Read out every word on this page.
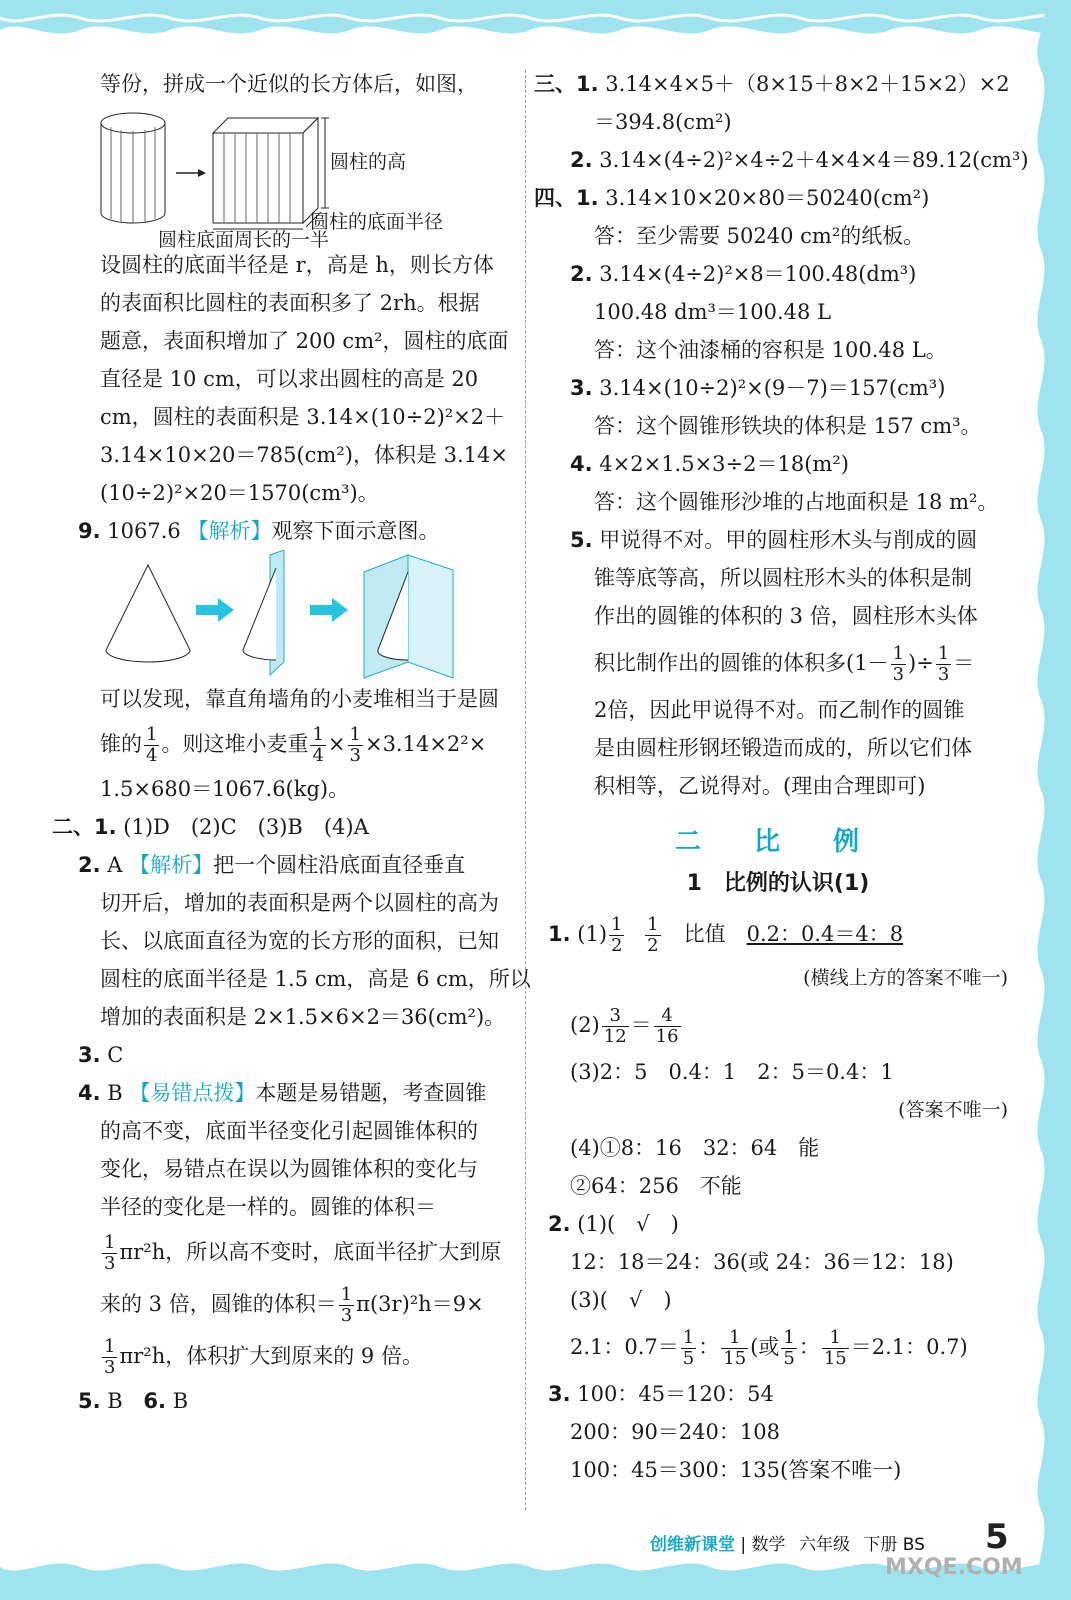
等份，拼成一个近似的长方体后，如图，
圆柱的高
圆柱的底面半径
圆柱底面周长的一半
设圆柱的底面半径是 r，高是 h，则长方体
的表面积比圆柱的表面积多了 2rh。根据
题意，表面积增加了 200 cm²，圆柱的底面
直径是 10 cm，可以求出圆柱的高是 20
cm，圆柱的表面积是 3.14×(10÷2)²×2＋
3.14×10×20＝785(cm²)，体积是 3.14×
(10÷2)²×20＝1570(cm³)。
9. 1067.6 【解析】观察下面示意图。
可以发现，靠直角墙角的小麦堆相当于是圆
锥的 $\frac{1}{4}$ 。则这堆小麦重 $\frac{1}{4} \times \frac{1}{3} \times 3.14\times 2^2\times$
1.5×680＝1067.6(kg)。
二、1. (1)D　(2)C　(3)B　(4)A
2. A 【解析】把一个圆柱沿底面直径垂直
切开后，增加的表面积是两个以圆柱的高为
长、以底面直径为宽的长方形的面积，已知
圆柱的底面半径是 1.5 cm，高是 6 cm，所以
增加的表面积是 2×1.5×6×2＝36(cm²)。
3. C
4. B 【易错点拨】本题是易错题，考查圆锥
的高不变，底面半径变化引起圆锥体积的
变化，易错点在误以为圆锥体积的变化与
半径的变化是一样的。圆锥的体积＝
$\frac{1}{3} \pi r^2h$，所以高不变时，底面半径扩大到原
来的 3 倍，圆锥的体积＝ $\frac{1}{3} \pi(3r)^2h=9\times$
$\frac{1}{3} \pi r^2h$，体积扩大到原来的 9 倍。
5. B 6. B
三、1. 3.14×4×5＋（8×15＋8×2＋15×2）×2
＝394.8(cm²)
2. 3.14×(4÷2)²×4÷2＋4×4×4＝89.12(cm³)
四、1. 3.14×10×20×80＝50240(cm²)
答：至少需要 50240 cm²的纸板。
2. 3.14×(4÷2)²×8＝100.48(dm³)
100.48 dm³＝100.48 L
答：这个油漆桶的容积是 100.48 L。
3. 3.14×(10÷2)²×(9－7)＝157(cm³)
答：这个圆锥形铁块的体积是 157 cm³。
4. 4×2×1.5×3÷2＝18(m²)
答：这个圆锥形沙堆的占地面积是 18 m²。
5. 甲说得不对。甲的圆柱形木头与削成的圆
锥等底等高，所以圆柱形木头的体积是制
作出的圆锥的体积的 3 倍，圆柱形木头体
积比制作出的圆锥的体积多($1- \frac{1}{3}$ )÷ $\frac{1}{3}$ ＝
2倍，因此甲说得不对。而乙制作的圆锥
是由圆柱形钢坯锻造而成的，所以它们体
积相等，乙说得对。(理由合理即可)
二 比 例
1　比例的认识(1)
1. $(1) \frac{1}{2}$
$\frac{1}{2}$ 　比值　0.2：0.4＝4：8
(横线上方的答案不唯一)
$(2) \frac{3}{12} = \frac{4}{16}$
(3)2：5　0.4：1　2：5＝0.4：1
(答案不唯一)
(4)①8：16　32：64　能
②64：256　不能
2. (1)(　√　)
12：18＝24：36(或 24：36＝12：18)
(3)(　√　)
2.1：$0.7= \frac{1}{5}$ ： $\frac{1}{15}$ (或 $\frac{1}{5}$ ： $\frac{1}{15} =2.1$：0.7)
3. 100：45＝120：54
200：90＝240：108
100：45＝300：135(答案不唯一)
创维新课堂 | 数学 六年级 下册 BS	5
MXQE.COM
